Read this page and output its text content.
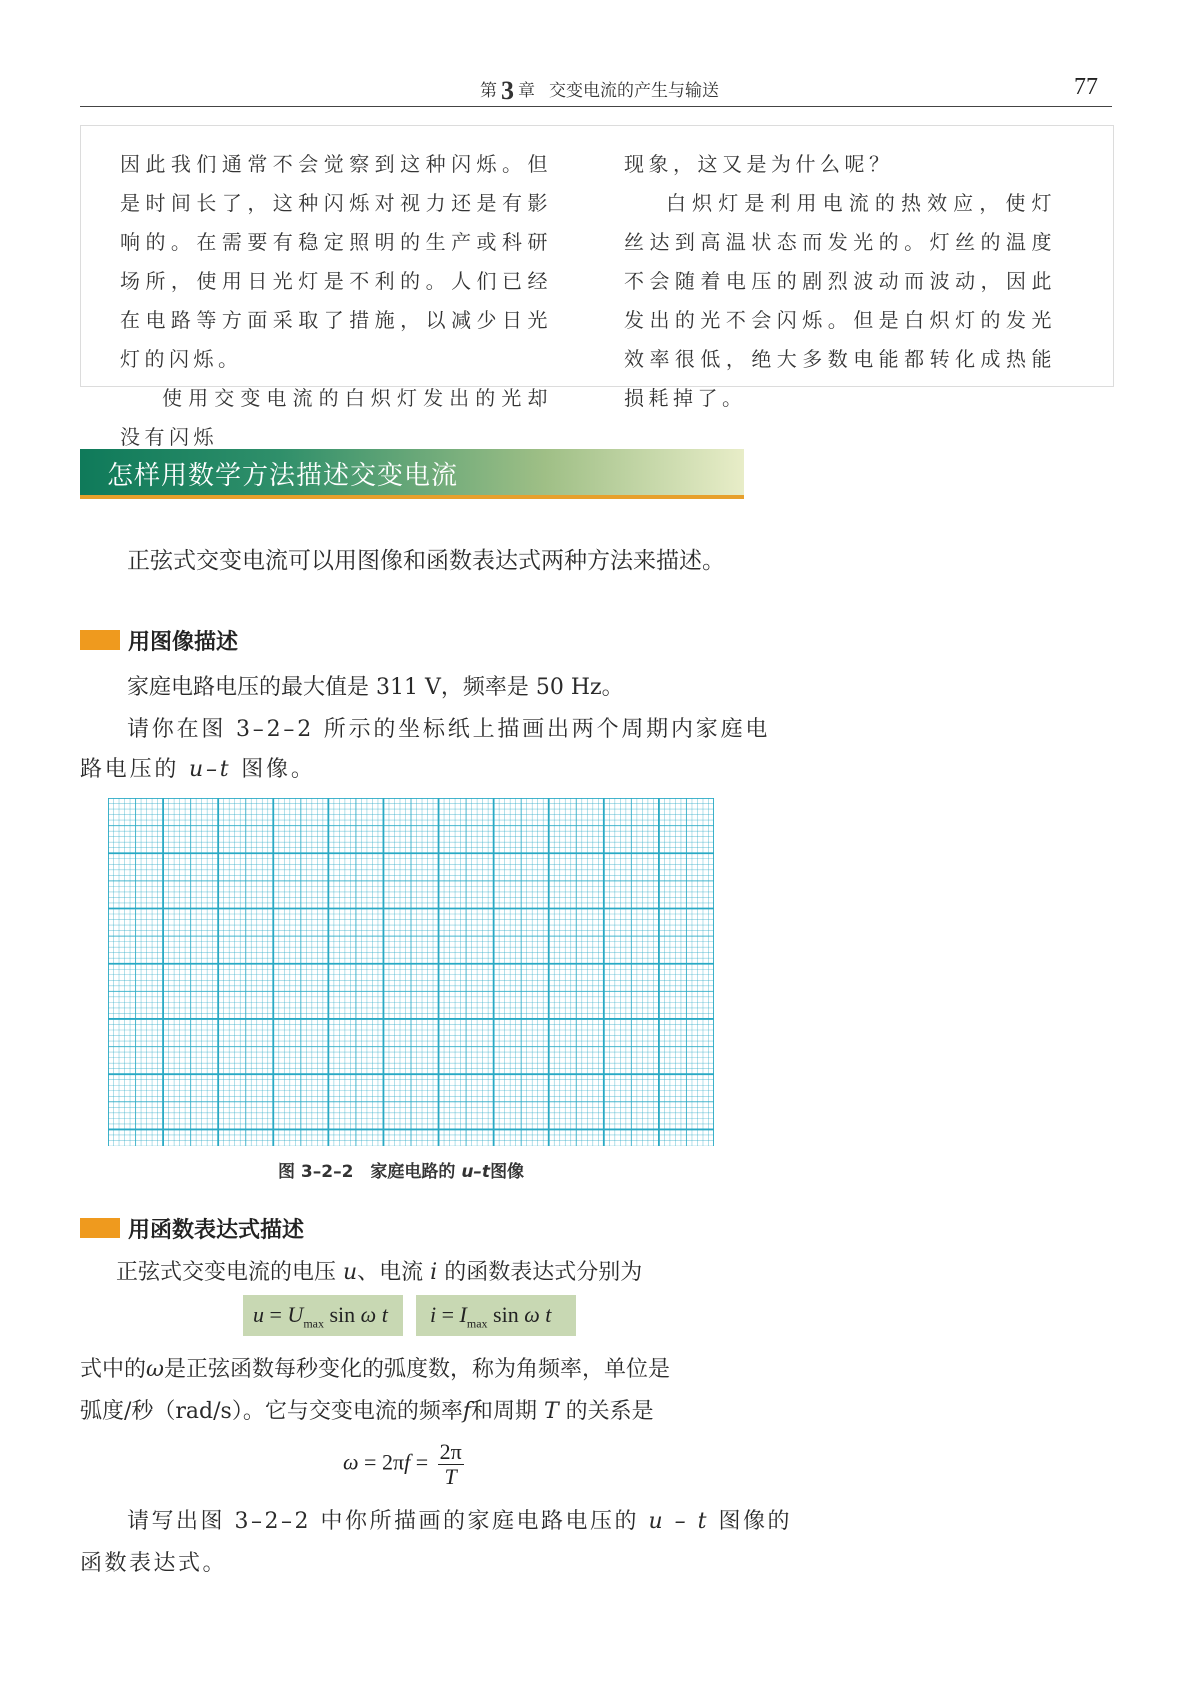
第 3 章 交变电流的产生与输送	77

因此我们通常不会觉察到这种闪烁。但是时间长了，这种闪烁对视力还是有影响的。在需要有稳定照明的生产或科研场所，使用日光灯是不利的。人们已经在电路等方面采取了措施，以减少日光灯的闪烁。

使用交变电流的白炽灯发出的光却没有闪烁

现象，这又是为什么呢？

白炽灯是利用电流的热效应，使灯丝达到高温状态而发光的。灯丝的温度不会随着电压的剧烈波动而波动，因此发出的光不会闪烁。但是白炽灯的发光效率很低，绝大多数电能都转化成热能损耗掉了。

怎样用数学方法描述交变电流
正弦式交变电流可以用图像和函数表达式两种方法来描述。
用图像描述
家庭电路电压的最大值是 311 V，频率是 50 Hz。
请你在图 3–2–2 所示的坐标纸上描画出两个周期内家庭电
路电压的 u–t 图像。
图 3–2–2　家庭电路的 u–t图像
用函数表达式描述
正弦式交变电流的电压 u、电流 i 的函数表达式分别为
$u = U_{max}$ sin ω t	$i = I_{max}$ sin ω t
式中的ω是正弦函数每秒变化的弧度数，称为角频率，单位是
弧度/秒（rad/s）。它与交变电流的频率f和周期 T 的关系是
$\omega = 2\pi f = \frac{2\pi}{T}$
请写出图 3–2–2 中你所描画的家庭电路电压的 u – t 图像的
函数表达式。
